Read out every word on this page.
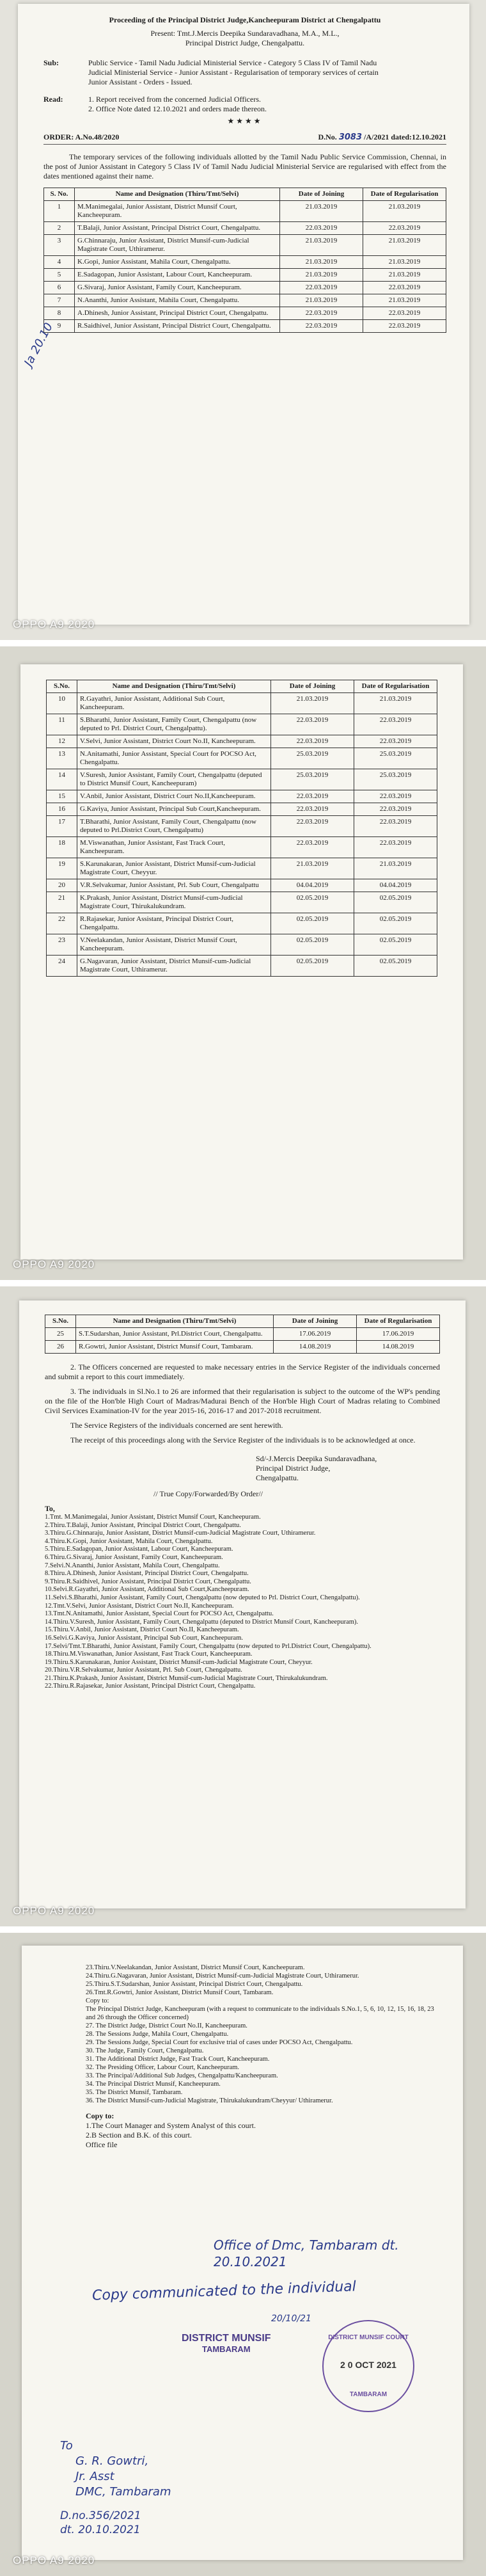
Proceeding of the Principal District Judge,Kancheepuram District at Chengalpattu
Present: Tmt.J.Mercis Deepika Sundaravadhana, M.A., M.L.,
Principal District Judge, Chengalpattu.
Sub:	Public Service - Tamil Nadu Judicial Ministerial Service - Category 5 Class IV of Tamil Nadu Judicial Ministerial Service - Junior Assistant - Regularisation of temporary services of certain Junior Assistant - Orders - Issued.
Read:	1. Report received from the concerned Judicial Officers.
2. Office Note dated 12.10.2021 and orders made thereon.
★★★★
ORDER: A.No.48/2020	D.No. 3083 /A/2021 dated:12.10.2021
The temporary services of the following individuals allotted by the Tamil Nadu Public Service Commission, Chennai, in the post of Junior Assistant in Category 5 Class IV of Tamil Nadu Judicial Ministerial Service are regularised with effect from the dates mentioned against their name.
S. No.	Name and Designation (Thiru/Tmt/Selvi)	Date of Joining	Date of Regularisation
1	M.Manimegalai, Junior Assistant, District Munsif Court, Kancheepuram.	21.03.2019	21.03.2019
2	T.Balaji, Junior Assistant, Principal District Court, Chengalpattu.	22.03.2019	22.03.2019
3	G.Chinnaraju, Junior Assistant, District Munsif-cum-Judicial Magistrate Court, Uthiramerur.	21.03.2019	21.03.2019
4	K.Gopi, Junior Assistant, Mahila Court, Chengalpattu.	21.03.2019	21.03.2019
5	E.Sadagopan, Junior Assistant, Labour Court, Kancheepuram.	21.03.2019	21.03.2019
6	G.Sivaraj, Junior Assistant, Family Court, Kancheepuram.	22.03.2019	22.03.2019
7	N.Ananthi, Junior Assistant, Mahila Court, Chengalpattu.	21.03.2019	21.03.2019
8	A.Dhinesh, Junior Assistant, Principal District Court, Chengalpattu.	22.03.2019	22.03.2019
9	R.Saidhivel, Junior Assistant, Principal District Court, Chengalpattu.	22.03.2019	22.03.2019
Ja 20.10
OPPO A9 2020
S.No.	Name and Designation (Thiru/Tmt/Selvi)	Date of Joining	Date of Regularisation
10	R.Gayathri, Junior Assistant, Additional Sub Court, Kancheepuram.	21.03.2019	21.03.2019
11	S.Bharathi, Junior Assistant, Family Court, Chengalpattu (now deputed to Prl. District Court, Chengalpattu).	22.03.2019	22.03.2019
12	V.Selvi, Junior Assistant, District Court No.II, Kancheepuram.	22.03.2019	22.03.2019
13	N.Anitamathi, Junior Assistant, Special Court for POCSO Act, Chengalpattu.	25.03.2019	25.03.2019
14	V.Suresh, Junior Assistant, Family Court, Chengalpattu (deputed to District Munsif Court, Kancheepuram)	25.03.2019	25.03.2019
15	V.Anbil, Junior Assistant, District Court No.II,Kancheepuram.	22.03.2019	22.03.2019
16	G.Kaviya, Junior Assistant, Principal Sub Court,Kancheepuram.	22.03.2019	22.03.2019
17	T.Bharathi, Junior Assistant, Family Court, Chengalpattu (now deputed to Prl.District Court, Chengalpattu)	22.03.2019	22.03.2019
18	M.Viswanathan, Junior Assistant, Fast Track Court, Kancheepuram.	22.03.2019	22.03.2019
19	S.Karunakaran, Junior Assistant, District Munsif-cum-Judicial Magistrate Court, Cheyyur.	21.03.2019	21.03.2019
20	V.R.Selvakumar, Junior Assistant, Prl. Sub Court, Chengalpattu	04.04.2019	04.04.2019
21	K.Prakash, Junior Assistant, District Munsif-cum-Judicial Magistrate Court, Thirukalukundram.	02.05.2019	02.05.2019
22	R.Rajasekar, Junior Assistant, Principal District Court, Chengalpattu.	02.05.2019	02.05.2019
23	V.Neelakandan, Junior Assistant, District Munsif Court, Kancheepuram.	02.05.2019	02.05.2019
24	G.Nagavaran, Junior Assistant, District Munsif-cum-Judicial Magistrate Court, Uthiramerur.	02.05.2019	02.05.2019
OPPO A9 2020
S.No.	Name and Designation (Thiru/Tmt/Selvi)	Date of Joining	Date of Regularisation
25	S.T.Sudarshan, Junior Assistant, Prl.District Court, Chengalpattu.	17.06.2019	17.06.2019
26	R.Gowtri, Junior Assistant, District Munsif Court, Tambaram.	14.08.2019	14.08.2019
2. The Officers concerned are requested to make necessary entries in the Service Register of the individuals concerned and submit a report to this court immediately.
3. The individuals in Sl.No.1 to 26 are informed that their regularisation is subject to the outcome of the WP's pending on the file of the Hon'ble High Court of Madras/Madurai Bench of the Hon'ble High Court of Madras relating to Combined Civil Services Examination-IV for the year 2015-16, 2016-17 and 2017-2018 recruitment.
The Service Registers of the individuals concerned are sent herewith.
The receipt of this proceedings along with the Service Register of the individuals is to be acknowledged at once.
Sd/-J.Mercis Deepika Sundaravadhana,
Principal District Judge,
Chengalpattu.
// True Copy/Forwarded/By Order//
To,
1.Tmt. M.Manimegalai, Junior Assistant, District Munsif Court, Kancheepuram.
2.Thiru.T.Balaji, Junior Assistant, Principal District Court, Chengalpattu.
3.Thiru.G.Chinnaraju, Junior Assistant, District Munsif-cum-Judicial Magistrate Court, Uthiramerur.
4.Thiru.K.Gopi, Junior Assistant, Mahila Court, Chengalpattu.
5.Thiru.E.Sadagopan, Junior Assistant, Labour Court, Kancheepuram.
6.Thiru.G.Sivaraj, Junior Assistant, Family Court, Kancheepuram.
7.Selvi.N.Ananthi, Junior Assistant, Mahila Court, Chengalpattu.
8.Thiru.A.Dhinesh, Junior Assistant, Principal District Court, Chengalpattu.
9.Thiru.R.Saidhivel, Junior Assistant, Principal District Court, Chengalpattu.
10.Selvi.R.Gayathri, Junior Assistant, Additional Sub Court,Kancheepuram.
11.Selvi.S.Bharathi, Junior Assistant, Family Court, Chengalpattu (now deputed to Prl. District Court, Chengalpattu).
12.Tmt.V.Selvi, Junior Assistant, District Court No.II, Kancheepuram.
13.Tmt.N.Anitamathi, Junior Assistant, Special Court for POCSO Act, Chengalpattu.
14.Thiru.V.Suresh, Junior Assistant, Family Court, Chengalpattu (deputed to District Munsif Court, Kancheepuram).
15.Thiru.V.Anbil, Junior Assistant, District Court No.II, Kancheepuram.
16.Selvi.G.Kaviya, Junior Assistant, Principal Sub Court, Kancheepuram.
17.Selvi/Tmt.T.Bharathi, Junior Assistant, Family Court, Chengalpattu (now deputed to Prl.District Court, Chengalpattu).
18.Thiru.M.Viswanathan, Junior Assistant, Fast Track Court, Kancheepuram.
19.Thiru.S.Karunakaran, Junior Assistant, District Munsif-cum-Judicial Magistrate Court, Cheyyur.
20.Thiru.V.R.Selvakumar, Junior Assistant, Prl. Sub Court, Chengalpattu.
21.Thiru.K.Prakash, Junior Assistant, District Munsif-cum-Judicial Magistrate Court, Thirukalukundram.
22.Thiru.R.Rajasekar, Junior Assistant, Principal District Court, Chengalpattu.
OPPO A9 2020
23.Thiru.V.Neelakandan, Junior Assistant, District Munsif Court, Kancheepuram.
24.Thiru.G.Nagavaran, Junior Assistant, District Munsif-cum-Judicial Magistrate Court, Uthiramerur.
25.Thiru.S.T.Sudarshan, Junior Assistant, Principal District Court, Chengalpattu.
26.Tmt.R.Gowtri, Junior Assistant, District Munsif Court, Tambaram.
Copy to:
The Principal District Judge, Kancheepuram (with a request to communicate to the individuals S.No.1, 5, 6, 10, 12, 15, 16, 18, 23 and 26 through the Officer concerned)
27. The District Judge, District Court No.II, Kancheepuram.
28. The Sessions Judge, Mahila Court, Chengalpattu.
29. The Sessions Judge, Special Court for exclusive trial of cases under POCSO Act, Chengalpattu.
30. The Judge, Family Court, Chengalpattu.
31. The Additional District Judge, Fast Track Court, Kancheepuram.
32. The Presiding Officer, Labour Court, Kancheepuram.
33. The Principal/Additional Sub Judges, Chengalpattu/Kancheepuram.
34. The Principal District Munsif, Kancheepuram.
35. The District Munsif, Tambaram.
36. The District Munsif-cum-Judicial Magistrate, Thirukalukundram/Cheyyur/ Uthiramerur.
Copy to:
1.The Court Manager and System Analyst of this court.
2.B Section and B.K. of this court.
Office file
Office of Dmc, Tambaram dt. 20.10.2021
Copy communicated to the individual
20/10/21
DISTRICT MUNSIF
TAMBARAM
DISTRICT MUNSIF COURT
2 0 OCT 2021
TAMBARAM
To
G. R. Gowtri,
Jr. Asst
DMC, Tambaram
D.no.356/2021
dt. 20.10.2021
OPPO A9 2020
